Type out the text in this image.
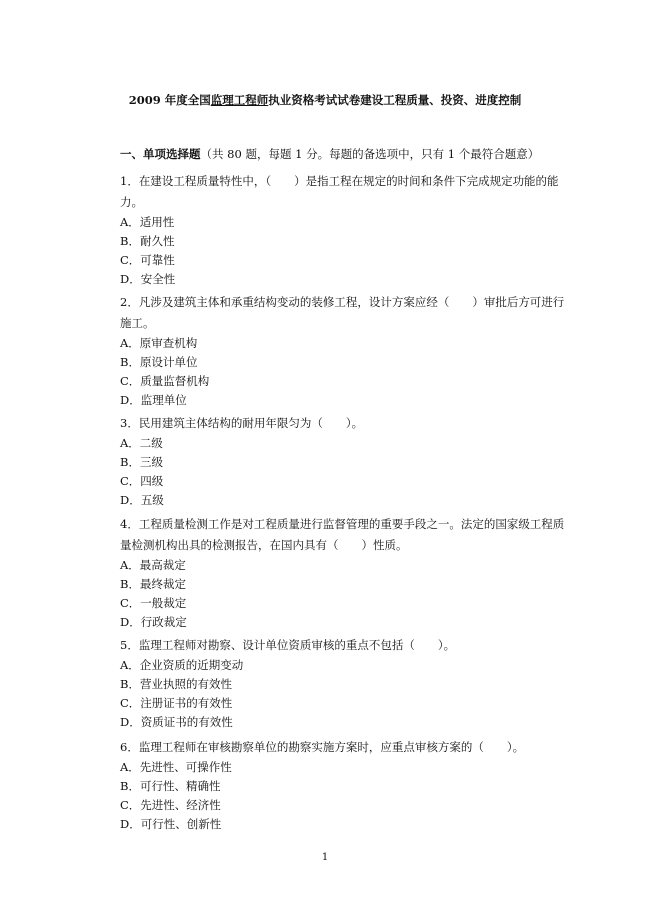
2009 年度全国监理工程师执业资格考试试卷建设工程质量、投资、进度控制
一、单项选择题（共 80 题，每题 1 分。每题的备选项中，只有 1 个最符合题意）

1．在建设工程质量特性中，（　　）是指工程在规定的时间和条件下完成规定功能的能力。

A．适用性

B．耐久性

C．可靠性

D．安全性

2．凡涉及建筑主体和承重结构变动的装修工程，设计方案应经（　　）审批后方可进行施工。

A．原审查机构

B．原设计单位

C．质量监督机构

D．监理单位

3．民用建筑主体结构的耐用年限匀为（　　）。

A．二级

B．三级

C．四级

D．五级

4．工程质量检测工作是对工程质量进行监督管理的重要手段之一。法定的国家级工程质量检测机构出具的检测报告，在国内具有（　　）性质。

A．最高裁定

B．最终裁定

C．一般裁定

D．行政裁定

5．监理工程师对勘察、设计单位资质审核的重点不包括（　　）。

A．企业资质的近期变动

B．营业执照的有效性

C．注册证书的有效性

D．资质证书的有效性

6．监理工程师在审核勘察单位的勘察实施方案时，应重点审核方案的（　　）。

A．先进性、可操作性

B．可行性、精确性

C．先进性、经济性

D．可行性、创新性

1
